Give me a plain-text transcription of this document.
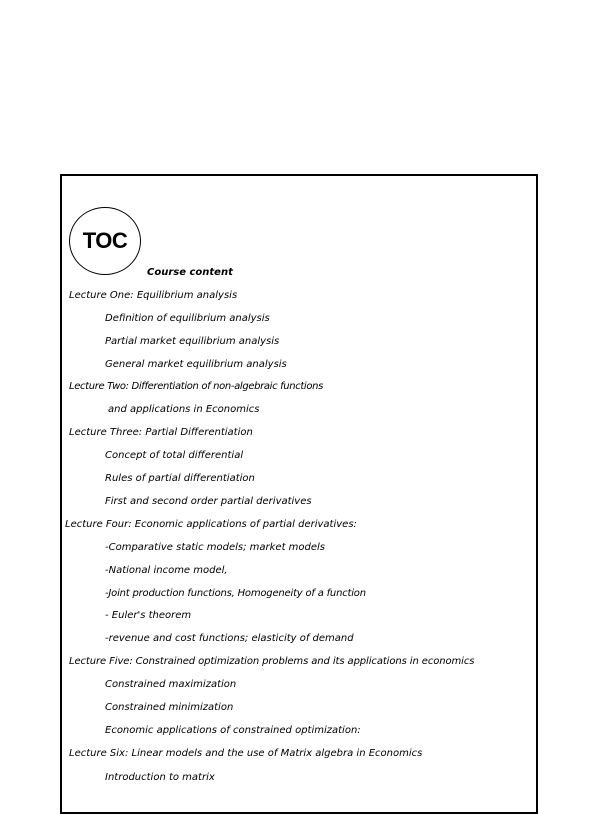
TOC
Course content
Lecture One: Equilibrium analysis
Definition of equilibrium analysis
Partial market equilibrium analysis
General market equilibrium analysis
Lecture Two: Differentiation of non-algebraic functions
and applications in Economics
Lecture Three: Partial Differentiation
Concept of total differential
Rules of partial differentiation
First and second order partial derivatives
Lecture Four: Economic applications of partial derivatives:
-Comparative static models; market models
-National income model,
-Joint production functions, Homogeneity of a function
- Euler's theorem
-revenue and cost functions; elasticity of demand
Lecture Five: Constrained optimization problems and its applications in economics
Constrained maximization
Constrained minimization
Economic applications of constrained optimization:
Lecture Six: Linear models and the use of Matrix algebra in Economics
Introduction to matrix
